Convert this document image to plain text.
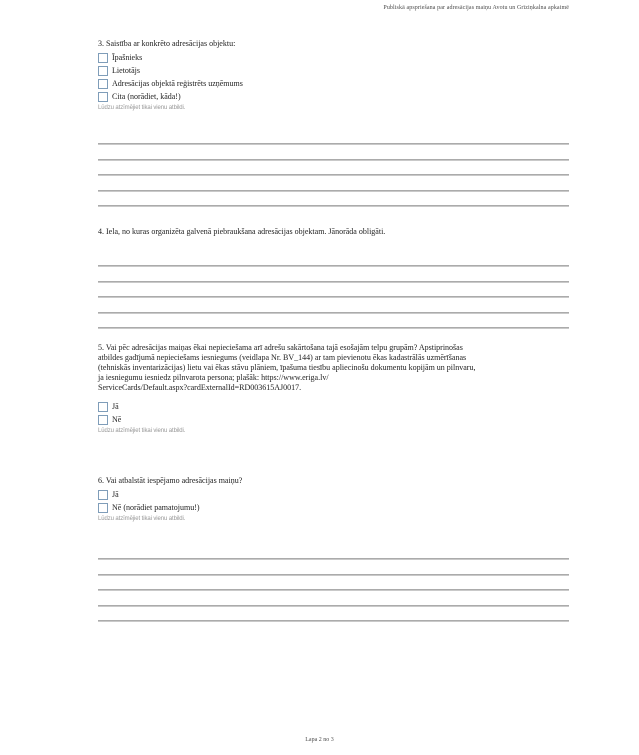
Publiskā apspriešana par adresācijas maiņu Avotu un Grīziņkalna apkaimē
3. Saistība ar konkrēto adresācijas objektu:
Īpašnieks
Lietotājs
Adresācijas objektā reģistrēts uzņēmums
Cita (norādiet, kāda!)
Lūdzu atzīmējiet tikai vienu atbildi.
4. Iela, no kuras organizēta galvenā piebraukšana adresācijas objektam. Jānorāda obligāti.
5. Vai pēc adresācijas maiņas ēkai nepieciešama arī adrešu sakārtošana tajā esošajām telpu grupām? Apstiprinošas
atbildes gadījumā nepieciešams iesniegums (veidlapa Nr. BV_144) ar tam pievienotu ēkas kadastrālās uzmērīšanas
(tehniskās inventarizācijas) lietu vai ēkas stāvu plāniem, īpašuma tiesību apliecinošu dokumentu kopijām un pilnvaru,
ja iesniegumu iesniedz pilnvarota persona; plašāk: https://www.eriga.lv/
ServiceCards/Default.aspx?cardExternalId=RD003615AJ0017.
Jā
Nē
Lūdzu atzīmējiet tikai vienu atbildi.
6. Vai atbalstāt iespējamo adresācijas maiņu?
Jā
Nē (norādiet pamatojumu!)
Lūdzu atzīmējiet tikai vienu atbildi.
Lapa 2 no 3
